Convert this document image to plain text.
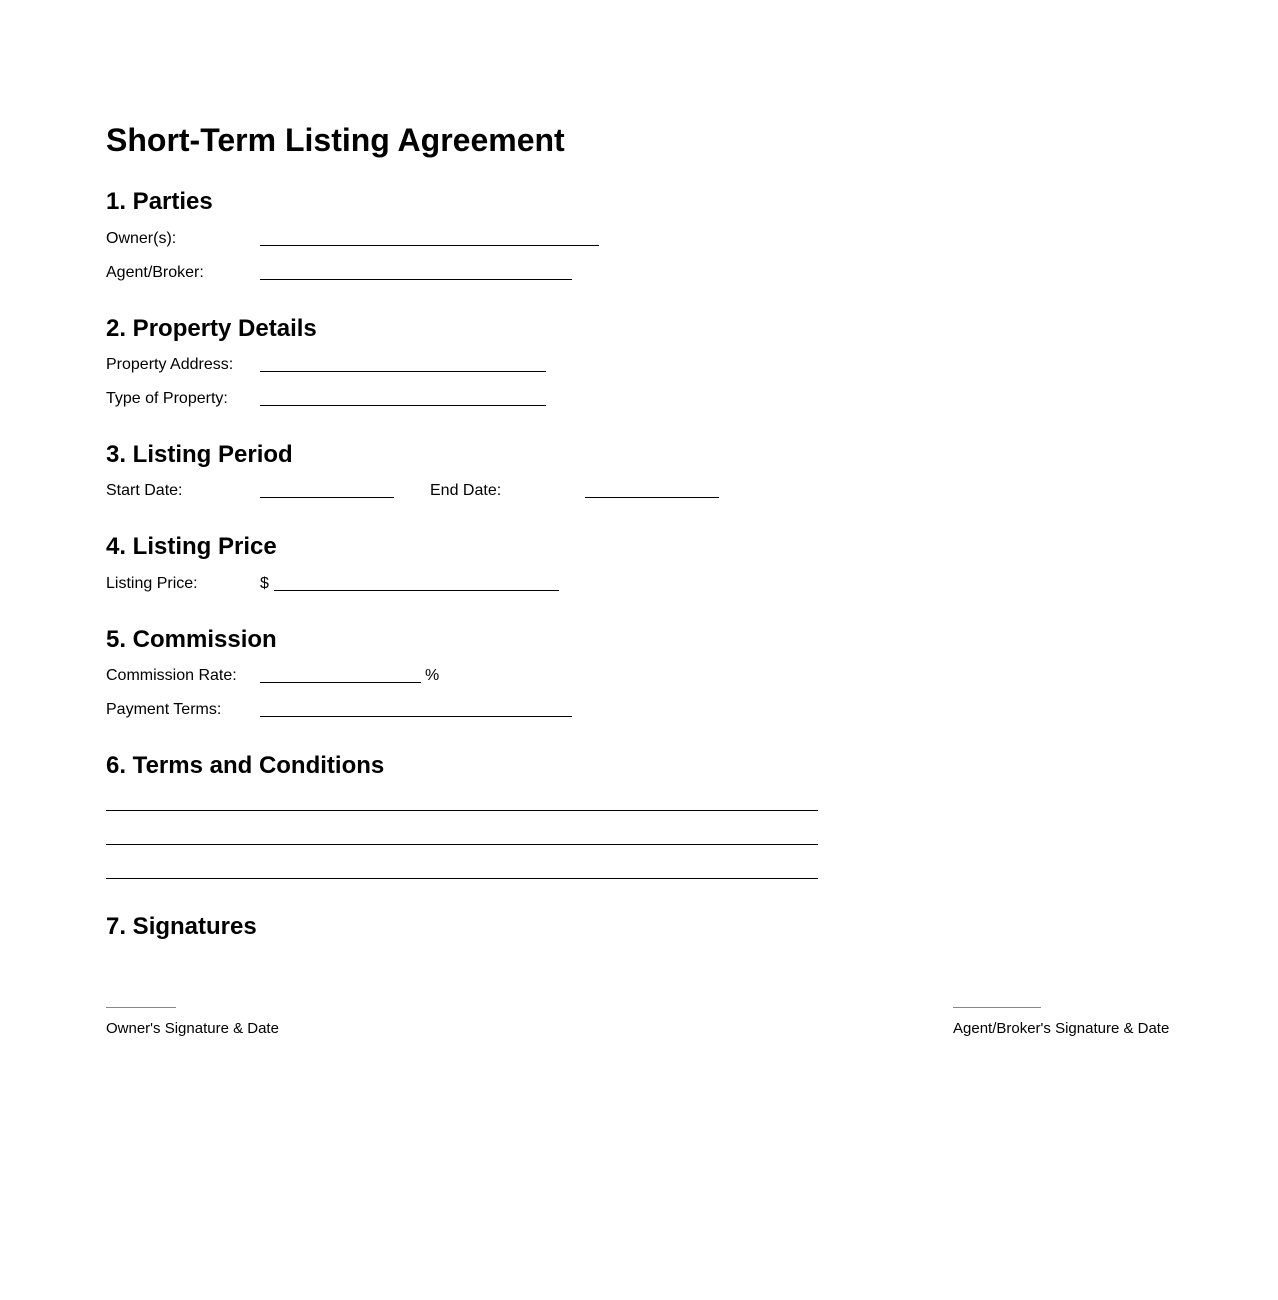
Short-Term Listing Agreement
1. Parties
Owner(s):
Agent/Broker:
2. Property Details
Property Address:
Type of Property:
3. Listing Period
Start Date:	End Date:
4. Listing Price
Listing Price:	$
5. Commission
Commission Rate:	%
Payment Terms:
6. Terms and Conditions
7. Signatures
Owner's Signature & Date	Agent/Broker's Signature & Date
